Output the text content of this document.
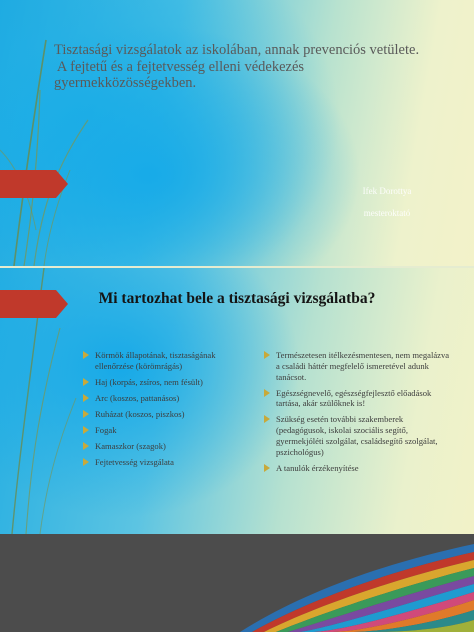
Tisztasági vizsgálatok az iskolában, annak prevenciós vetülete.
A fejtetű és a fejtetvesség elleni védekezés
gyermekközösségekben.
Ifek Dorottya
mesteroktató
Mi tartozhat bele a tisztasági vizsgálatba?
Körmök állapotának, tisztaságának ellenőrzése (körömrágás)
Haj (korpás, zsíros, nem fésült)
Arc (koszos, pattanásos)
Ruházat (koszos, piszkos)
Fogak
Kamaszkor (szagok)
Fejtetvesség vizsgálata
Természetesen itélkezésmentesen, nem megalázva a családi háttér megfelelő ismeretével adunk tanácsot.
Egészségnevelő, egészségfejlesztő előadások tartása, akár szülőknek is!
Szükség esetén további szakemberek (pedagógusok, iskolai szociális segítő, gyermekjóléti szolgálat, családsegítő szolgálat, pszichológus)
A tanulók érzékenyítése
